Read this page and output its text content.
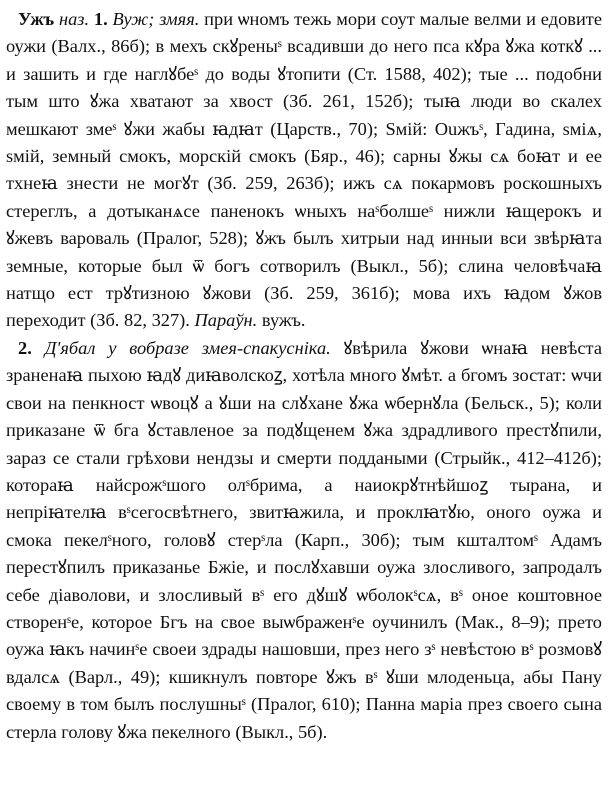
Ужъ наз. 1. Вуж; змяя. при ѡномъ тежь мори соут малые велми и едовите оужи (Валх., 86б); в мехъ скꙋреныˢ всадивши до него пса кꙋра ꙋжа коткꙋ ... и зашить и где наглꙋбеˢ до воды ꙋтопити (Ст. 1588, 402); тые ... подобни тым што ꙋжа хватают за хвост (Зб. 261, 152б); тыꙗ люди во скалех мешкают змеˢ ꙋжи жабы ꙗдꙗт (Царств., 70); Ѕмій: Ouжъˢ, Гадина, ѕміѧ, ѕмій, земный смокъ, морскій смокъ (Бяр., 46); сарны ꙋжы сѧ боꙗт и ее тхнеꙗ знести не могꙋт (Зб. 259, 263б); ижъ сѧ покармовъ роскошныхъ стереглъ, а дотыканѧсе паненокъ ѡныхъ наˢболшеˢ нижли ꙗщерокъ и ꙋжевъ вароваль (Пралог, 528); ꙋжъ былъ хитрыи над инныи вси звѣрꙗта земные, которые был ѿ богъ сотворилъ (Выкл., 5б); слина человѣчаꙗ натщо ест трꙋтизною ꙋжови (Зб. 259, 361б); мова ихъ ꙗдом ꙋжов переходит (Зб. 82, 327). Параўн. вужъ.

2. Д'ябал у вобразе змея-спакусніка. ꙋвѣрила ꙋжови ѡнаꙗ невѣста зраненаꙗ пыхою ꙗдꙋ диꙗволскоꙁ, хотѣла много ꙋмѣт. а бгомъ зостат: ѡчи свои на пенкност ѡвоцꙋ а ꙋши на слꙋхане ꙋжа ѡбернꙋла (Бельск., 5); коли приказане ѿ бга ꙋставленое за подꙋщенем ꙋжа здрадливого престꙋпили, зараз се стали грѣхови нендзы и смерти поддаными (Стрыйк., 412–412б); котораꙗ найсрожˢшого олˢбрима, а наиокрꙋтнѣйшоꙁ тырана, и непріꙗтелꙗ вˢсегосвѣтнего, звитꙗжила, и проклꙗтꙋю, оного оужа и смока пекелˢного, головꙋ стерˢла (Карп., 30б); тым кшталтомˢ Адамъ перестꙋпилъ приказанье Бжіе, и послꙋхавши оужа злосливого, запродалъ себе діаволови, и злосливый вˢ его дꙋшꙋ ѡболокˢсѧ, вˢ оное коштовное створенˢе, которое Бгъ на свое выѡбраженˢе оучинилъ (Мак., 8–9); прето оужа ꙗкъ начинˢе своеи здрады нашовши, през него зˢ невѣстою вˢ розмовꙋ вдалсѧ (Варл., 49); кшикнулъ повторе ꙋжъ вˢ ꙋши млоденьца, абы Пану своему в том былъ послушныˢ (Пралог, 610); Панна маріа през своего сына стерла голову ꙋжа пекелного (Выкл., 5б).
